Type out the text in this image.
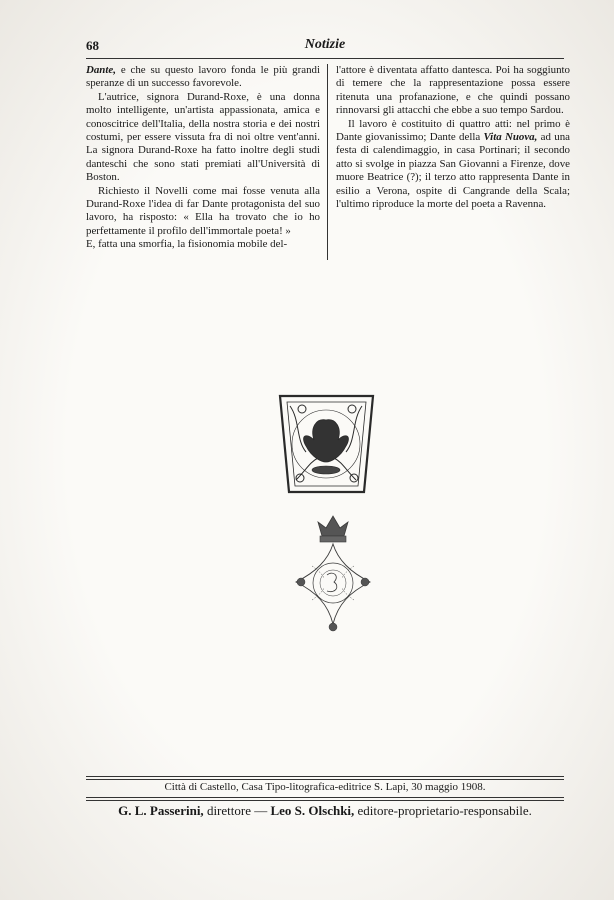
68	Notizie

Dante, e che su questo lavoro fonda le più grandi speranze di un successo favorevole.

L'autrice, signora Durand-Roxe, è una donna molto intelligente, un'artista appassionata, amica e conoscitrice dell'Italia, della nostra storia e dei nostri costumi, per essere vissuta fra di noi oltre vent'anni. La signora Durand-Roxe ha fatto inoltre degli studi danteschi che sono stati premiati all'Università di Boston.

Richiesto il Novelli come mai fosse venuta alla Durand-Roxe l'idea di far Dante protagonista del suo lavoro, ha risposto: « Ella ha trovato che io ho perfettamente il profilo dell'immortale poeta! »

E, fatta una smorfia, la fisionomia mobile del-

l'attore è diventata affatto dantesca. Poi ha soggiunto di temere che la rappresentazione possa essere ritenuta una profanazione, e che quindi possano rinnovarsi gli attacchi che ebbe a suo tempo Sardou.

Il lavoro è costituito di quattro atti: nel primo è Dante giovanissimo; Dante della Vita Nuova, ad una festa di calendimaggio, in casa Portinari; il secondo atto si svolge in piazza San Giovanni a Firenze, dove muore Beatrice (?); il terzo atto rappresenta Dante in esilio a Verona, ospite di Cangrande della Scala; l'ultimo riproduce la morte del poeta a Ravenna.

Città di Castello, Casa Tipo-litografica-editrice S. Lapi, 30 maggio 1908.
G. L. Passerini, direttore — Leo S. Olschki, editore-proprietario-responsabile.
